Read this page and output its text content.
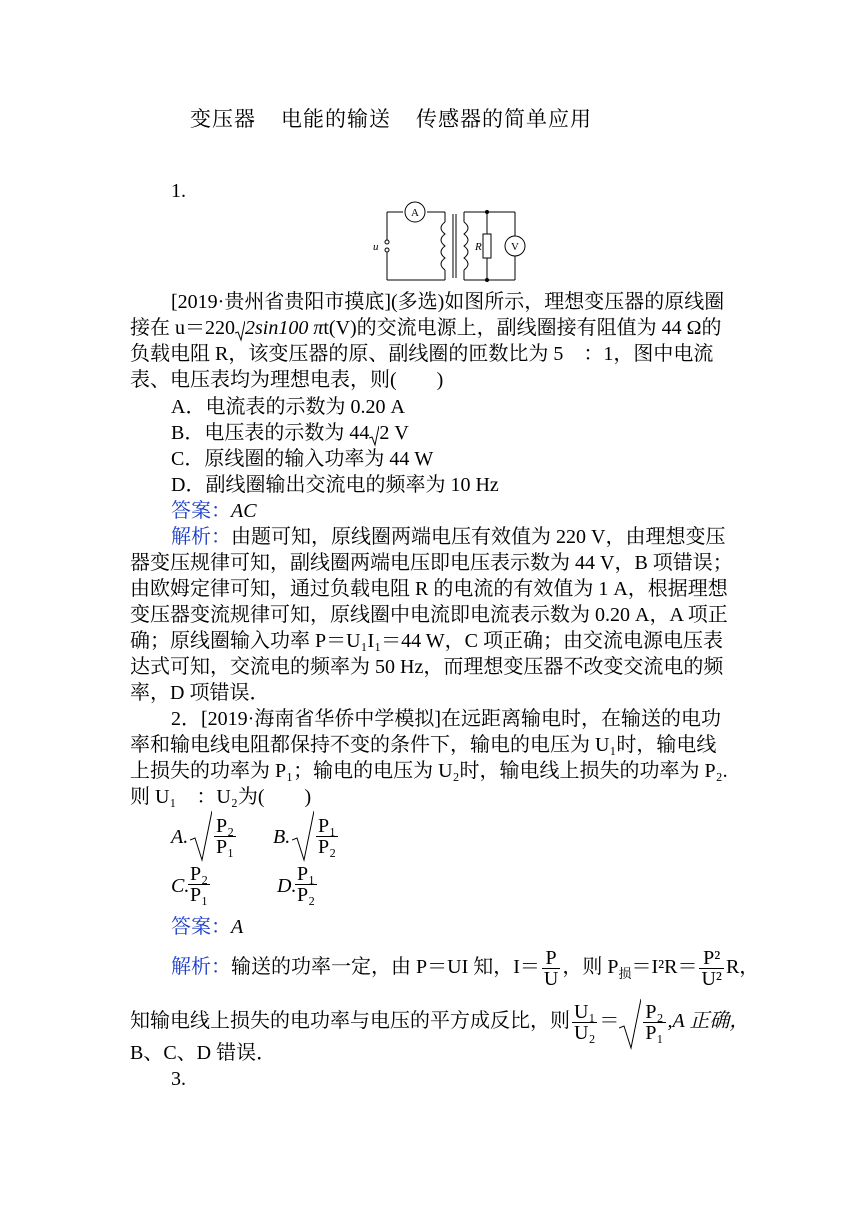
变压器    电能的输送    传感器的简单应用
1.
A
V
R
u
[2019·贵州省贵阳市摸底](多选)如图所示，理想变压器的原线圈
接在 u＝220 2sin100 πt(V)的交流电源上，副线圈接有阻值为 44 Ω的
负载电阻 R，该变压器的原、副线圈的匝数比为 5　：1，图中电流
表、电压表均为理想电表，则(　　)
A．电流表的示数为 0.20 A
B．电压表的示数为 44 2 V
C．原线圈的输入功率为 44 W
D．副线圈输出交流电的频率为 10 Hz
答案：AC
解析：由题可知，原线圈两端电压有效值为 220 V，由理想变压
器变压规律可知，副线圈两端电压即电压表示数为 44 V，B 项错误；
由欧姆定律可知，通过负载电阻 R 的电流的有效值为 1 A，根据理想
变压器变流规律可知，原线圈中电流即电流表示数为 0.20 A，A 项正
确；原线圈输入功率 P＝U₁I₁＝44 W，C 项正确；由交流电源电压表
达式可知，交流电的频率为 50 Hz，而理想变压器不改变交流电的频
率，D 项错误．
2．[2019·海南省华侨中学模拟]在远距离输电时，在输送的电功
率和输电线电阻都保持不变的条件下，输电的电压为 U₁时，输电线
上损失的功率为 P₁；输电的电压为 U₂时，输电线上损失的功率为 P₂.
则 U₁　：U₂为(　　)
A. $\frac{\text{P₂}}{\text{P₁}} B$. $\frac{\text{P₁}}{\text{P₂}}$
C.
$\frac{\text{P₂}}{\text{P₁}}$	D.
$\frac{\text{P₁}}{\text{P₂}}$
答案：A
解析：输送的功率一定，由 P＝UI 知，$I= \frac{P}{U}$ ，则 $P_损=I^2R= \frac{\text{P²}}{\text{U²}}$ R，
知输电线上损失的电功率与电压的平方成反比，则 $\frac{\text{U₁}}{\text{U₂}} = \frac{\text{P₂}}{\text{P₁}} ,A$ 正确，
B、C、D 错误．
3.
